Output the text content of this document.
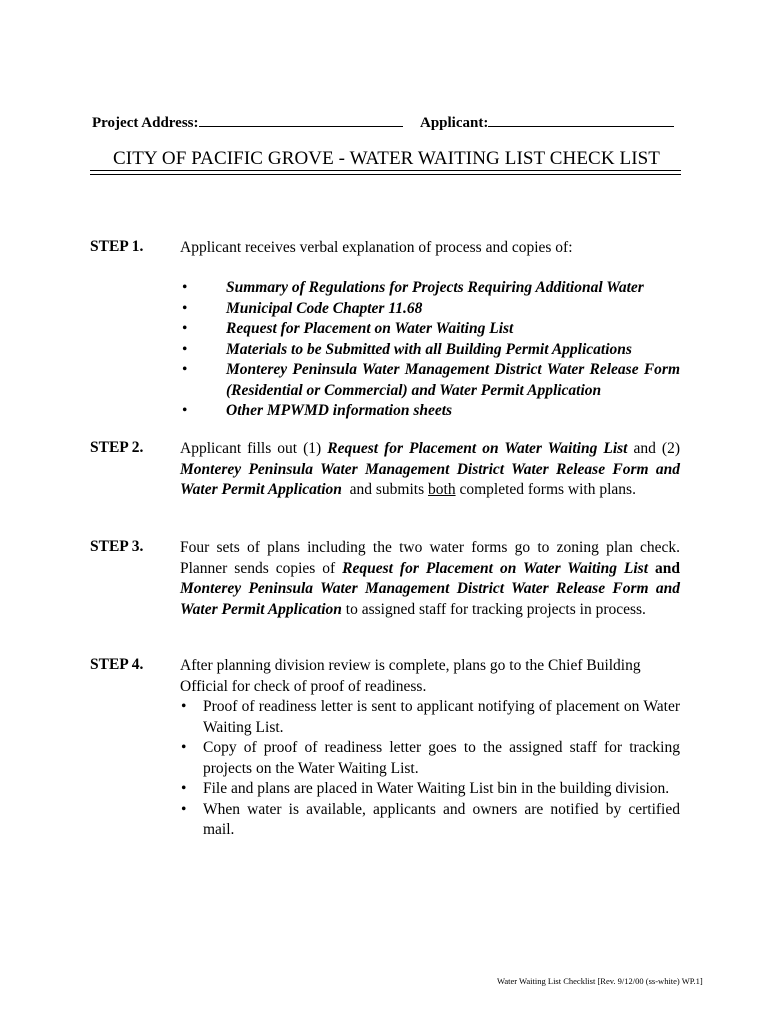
Project Address:	Applicant:
CITY OF PACIFIC GROVE - WATER WAITING LIST CHECK LIST
STEP 1. Applicant receives verbal explanation of process and copies of:
• Summary of Regulations for Projects Requiring Additional Water
• Municipal Code Chapter 11.68
• Request for Placement on Water Waiting List
• Materials to be Submitted with all Building Permit Applications
• Monterey Peninsula Water Management District Water Release Form (Residential or Commercial) and Water Permit Application
• Other MPWMD information sheets
STEP 2. Applicant fills out (1) Request for Placement on Water Waiting List and (2) Monterey Peninsula Water Management District Water Release Form and Water Permit Application  and submits both completed forms with plans.
STEP 3. Four sets of plans including the two water forms go to zoning plan check. Planner sends copies of Request for Placement on Water Waiting List and Monterey Peninsula Water Management District Water Release Form and Water Permit Application to assigned staff for tracking projects in process.
STEP 4. After planning division review is complete, plans go to the Chief Building Official for check of proof of readiness.
• Proof of readiness letter is sent to applicant notifying of placement on Water Waiting List.
• Copy of proof of readiness letter goes to the assigned staff for tracking projects on the Water Waiting List.
• File and plans are placed in Water Waiting List bin in the building division.
• When water is available, applicants and owners are notified by certified mail.
Water Waiting List Checklist [Rev. 9/12/00 (ss-white) WP.1]
